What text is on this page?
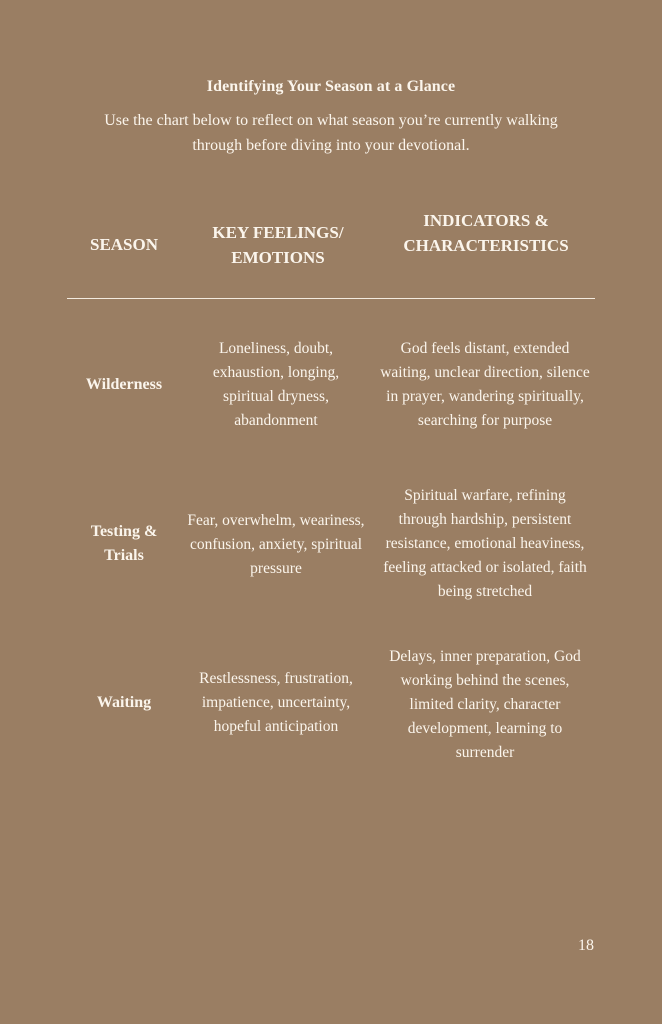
Identifying Your Season at a Glance
Use the chart below to reflect on what season you’re currently walking through before diving into your devotional.
SEASON
KEY FEELINGS/ EMOTIONS
INDICATORS & CHARACTERISTICS
Wilderness
Loneliness, doubt, exhaustion, longing, spiritual dryness, abandonment
God feels distant, extended waiting, unclear direction, silence in prayer, wandering spiritually, searching for purpose
Testing & Trials
Fear, overwhelm, weariness, confusion, anxiety, spiritual pressure
Spiritual warfare, refining through hardship, persistent resistance, emotional heaviness, feeling attacked or isolated, faith being stretched
Waiting
Restlessness, frustration, impatience, uncertainty, hopeful anticipation
Delays, inner preparation, God working behind the scenes, limited clarity, character development, learning to surrender
18
